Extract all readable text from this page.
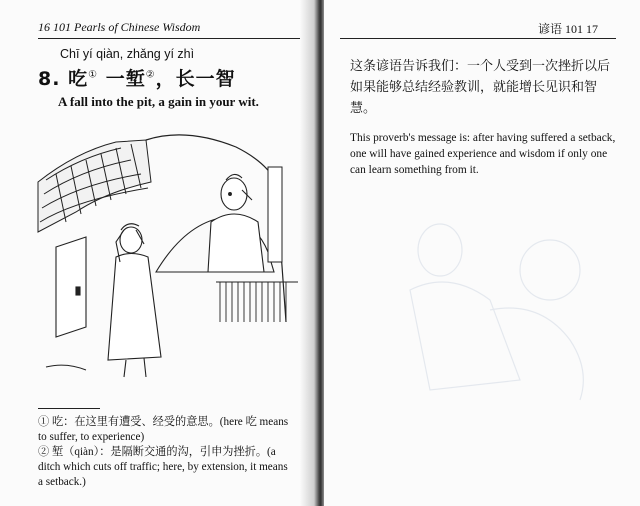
16 101 Pearls of Chinese Wisdom
Chī yí qiàn, zhǎng yí zhì
8. 吃① 一堑②，长一智
A fall into the pit, a gain in your wit.

① 吃：在这里有遭受、经受的意思。(here 吃 means to suffer, to experience)

② 堑（qiàn）：是隔断交通的沟，引申为挫折。(a ditch which cuts off traffic; here, by extension, it means a setback.)

谚语 101 17
这条谚语告诉我们：一个人受到一次挫折以后 如果能够总结经验教训，就能增长见识和智慧。
This proverb's message is: after having suffered a setback, one will have gained experience and wisdom if only one can learn something from it.
